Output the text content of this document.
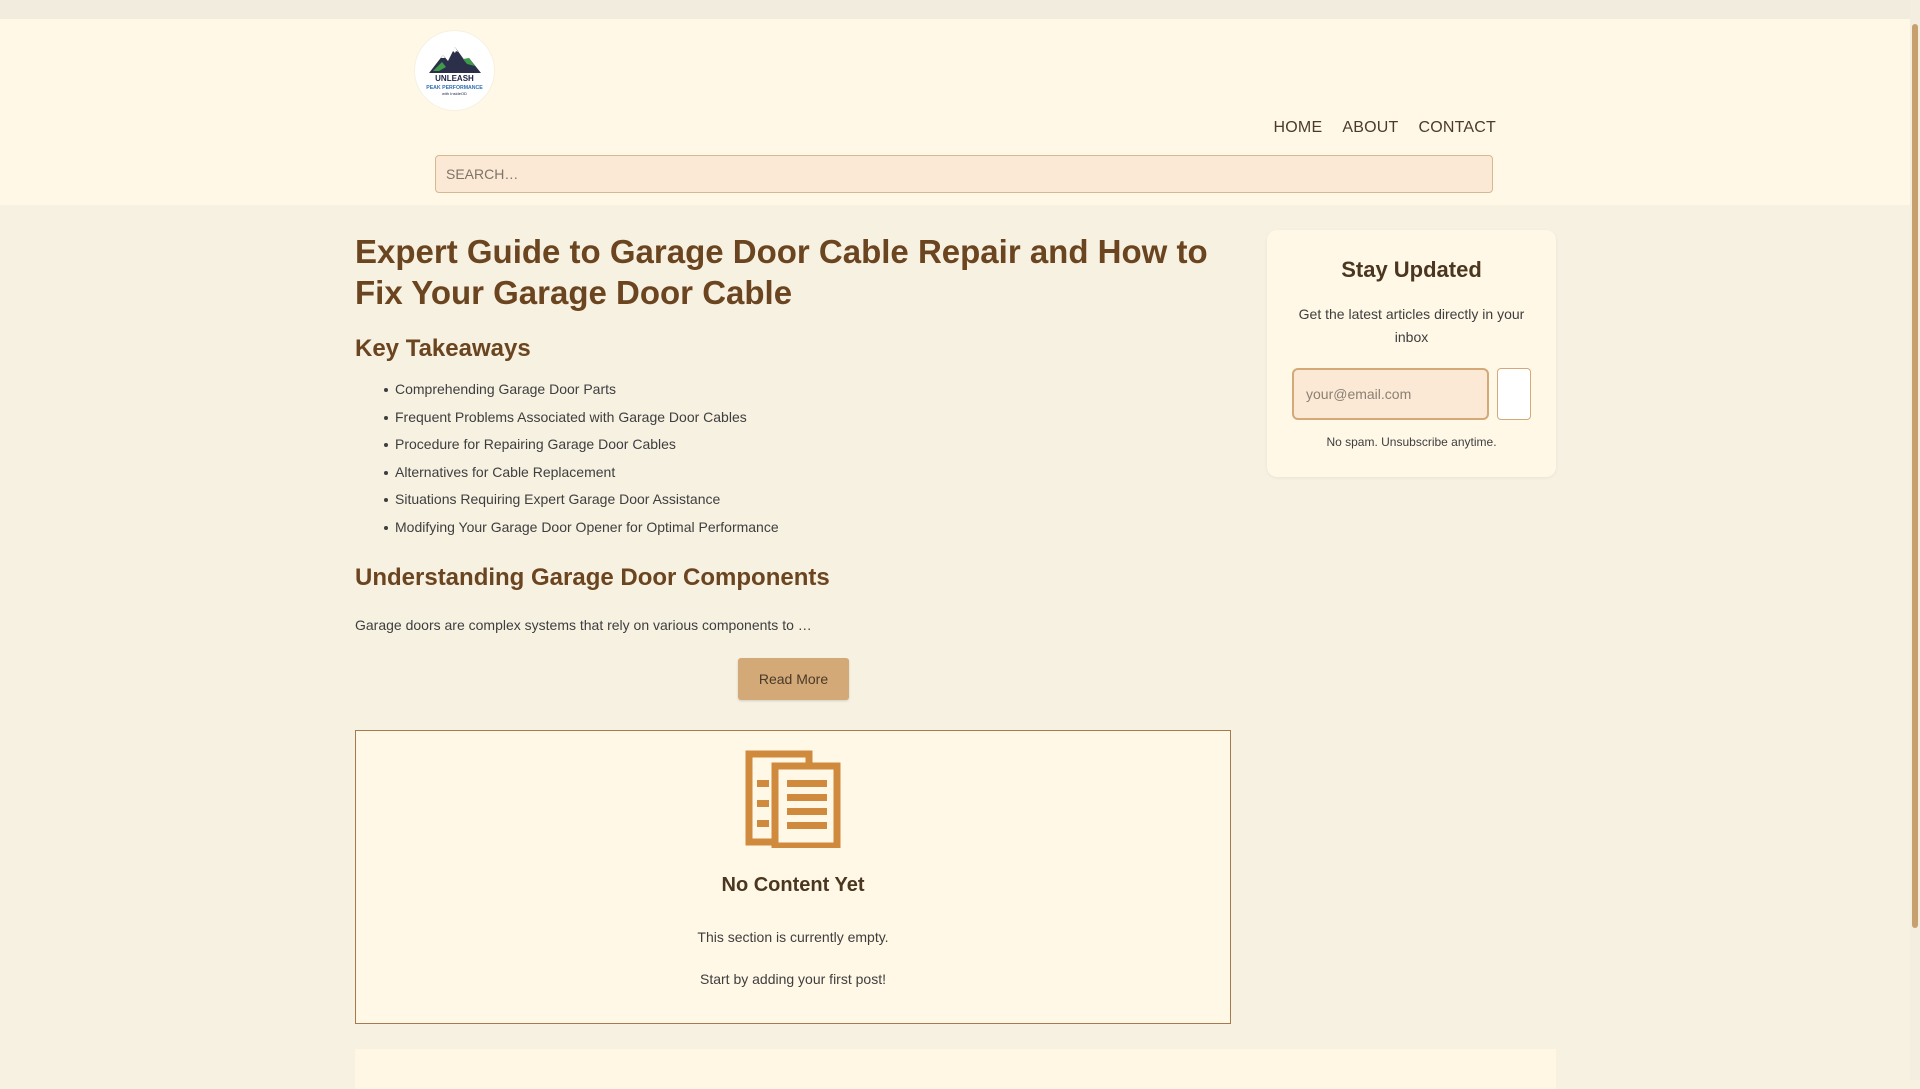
UNLEASH
PEAK PERFORMANCE
with InsideOD
HOME ABOUT CONTACT
SEARCH…
Expert Guide to Garage Door Cable Repair and How to Fix Your Garage Door Cable
Key Takeaways
Comprehending Garage Door Parts
Frequent Problems Associated with Garage Door Cables
Procedure for Repairing Garage Door Cables
Alternatives for Cable Replacement
Situations Requiring Expert Garage Door Assistance
Modifying Your Garage Door Opener for Optimal Performance
Understanding Garage Door Components

Garage doors are complex systems that rely on various components to …

Read More
No Content Yet

This section is currently empty.

Start by adding your first post!

Stay Updated

Get the latest articles directly in your inbox

your@email.com

No spam. Unsubscribe anytime.
